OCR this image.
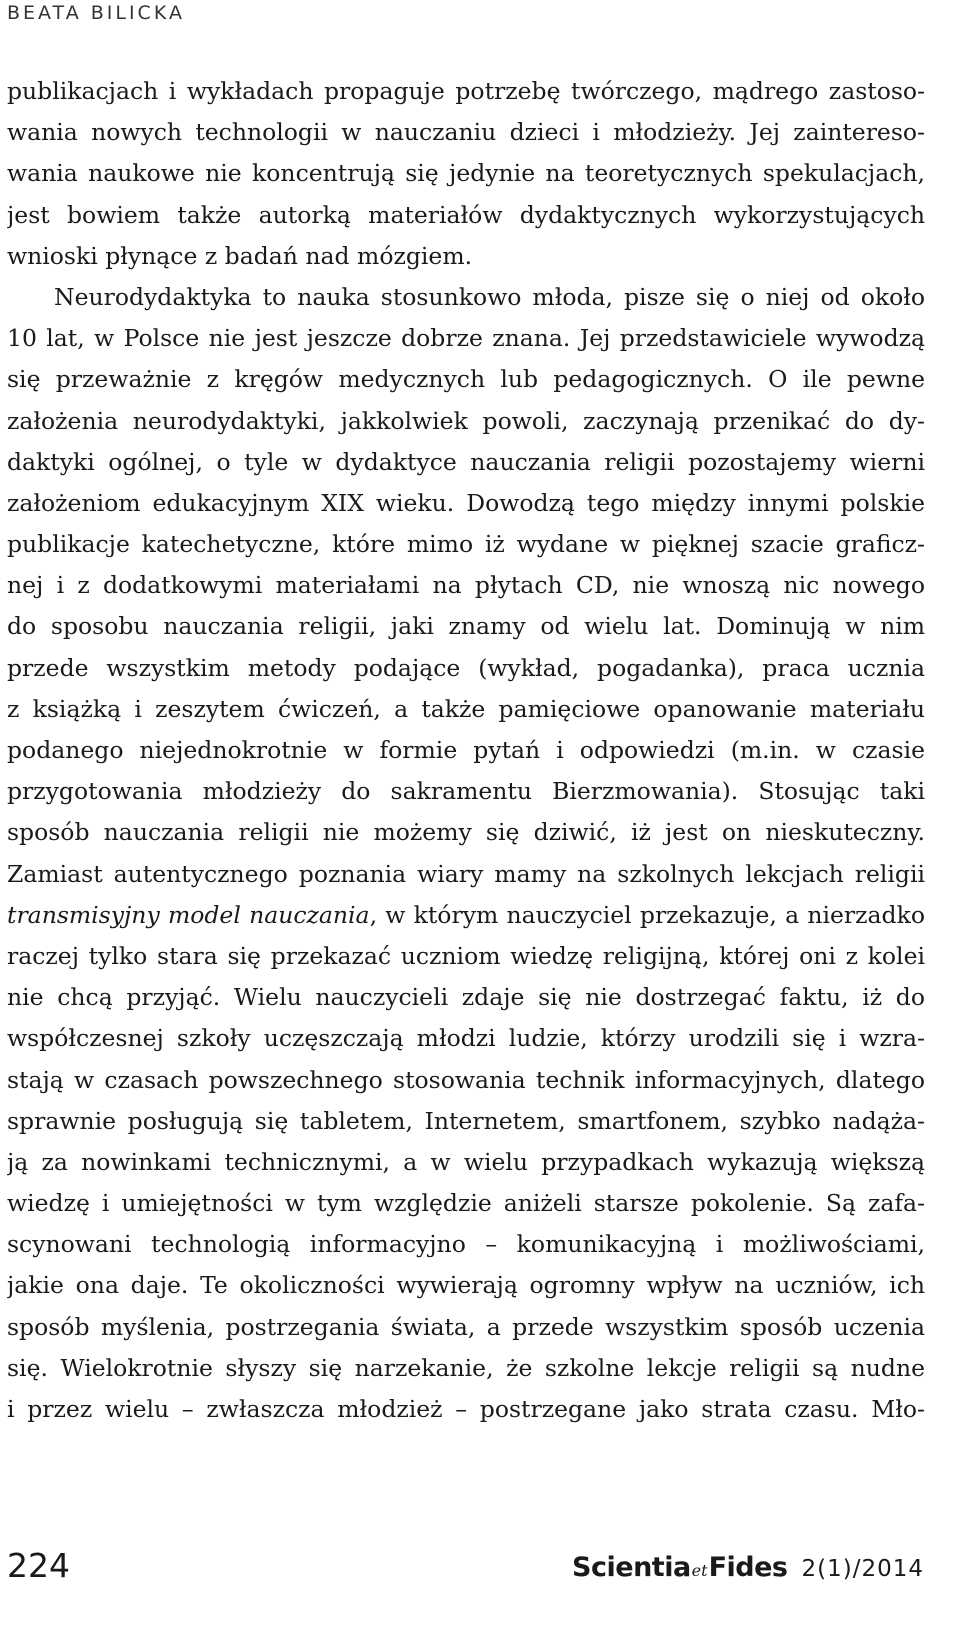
BEATA BILICKA
publikacjach i wykładach propaguje potrzebę twórczego, mądrego zastoso-
wania nowych technologii w nauczaniu dzieci i młodzieży. Jej zaintereso-
wania naukowe nie koncentrują się jedynie na teoretycznych spekulacjach,
jest bowiem także autorką materiałów dydaktycznych wykorzystujących
wnioski płynące z badań nad mózgiem.
Neurodydaktyka to nauka stosunkowo młoda, pisze się o niej od około
10 lat, w Polsce nie jest jeszcze dobrze znana. Jej przedstawiciele wywodzą
się przeważnie z kręgów medycznych lub pedagogicznych. O ile pewne
założenia neurodydaktyki, jakkolwiek powoli, zaczynają przenikać do dy-
daktyki ogólnej, o tyle w dydaktyce nauczania religii pozostajemy wierni
założeniom edukacyjnym XIX wieku. Dowodzą tego między innymi polskie
publikacje katechetyczne, które mimo iż wydane w pięknej szacie graficz-
nej i z dodatkowymi materiałami na płytach CD, nie wnoszą nic nowego
do sposobu nauczania religii, jaki znamy od wielu lat. Dominują w nim
przede wszystkim metody podające (wykład, pogadanka), praca ucznia
z książką i zeszytem ćwiczeń, a także pamięciowe opanowanie materiału
podanego niejednokrotnie w formie pytań i odpowiedzi (m.in. w czasie
przygotowania młodzieży do sakramentu Bierzmowania). Stosując taki
sposób nauczania religii nie możemy się dziwić, iż jest on nieskuteczny.
Zamiast autentycznego poznania wiary mamy na szkolnych lekcjach religii
transmisyjny model nauczania, w którym nauczyciel przekazuje, a nierzadko
raczej tylko stara się przekazać uczniom wiedzę religijną, której oni z kolei
nie chcą przyjąć. Wielu nauczycieli zdaje się nie dostrzegać faktu, iż do
współczesnej szkoły uczęszczają młodzi ludzie, którzy urodzili się i wzra-
stają w czasach powszechnego stosowania technik informacyjnych, dlatego
sprawnie posługują się tabletem, Internetem, smartfonem, szybko nadąża-
ją za nowinkami technicznymi, a w wielu przypadkach wykazują większą
wiedzę i umiejętności w tym względzie aniżeli starsze pokolenie. Są zafa-
scynowani technologią informacyjno – komunikacyjną i możliwościami,
jakie ona daje. Te okoliczności wywierają ogromny wpływ na uczniów, ich
sposób myślenia, postrzegania świata, a przede wszystkim sposób uczenia
się. Wielokrotnie słyszy się narzekanie, że szkolne lekcje religii są nudne
i przez wielu – zwłaszcza młodzież – postrzegane jako strata czasu. Mło-
224	ScientiaetFides 2(1)/2014
